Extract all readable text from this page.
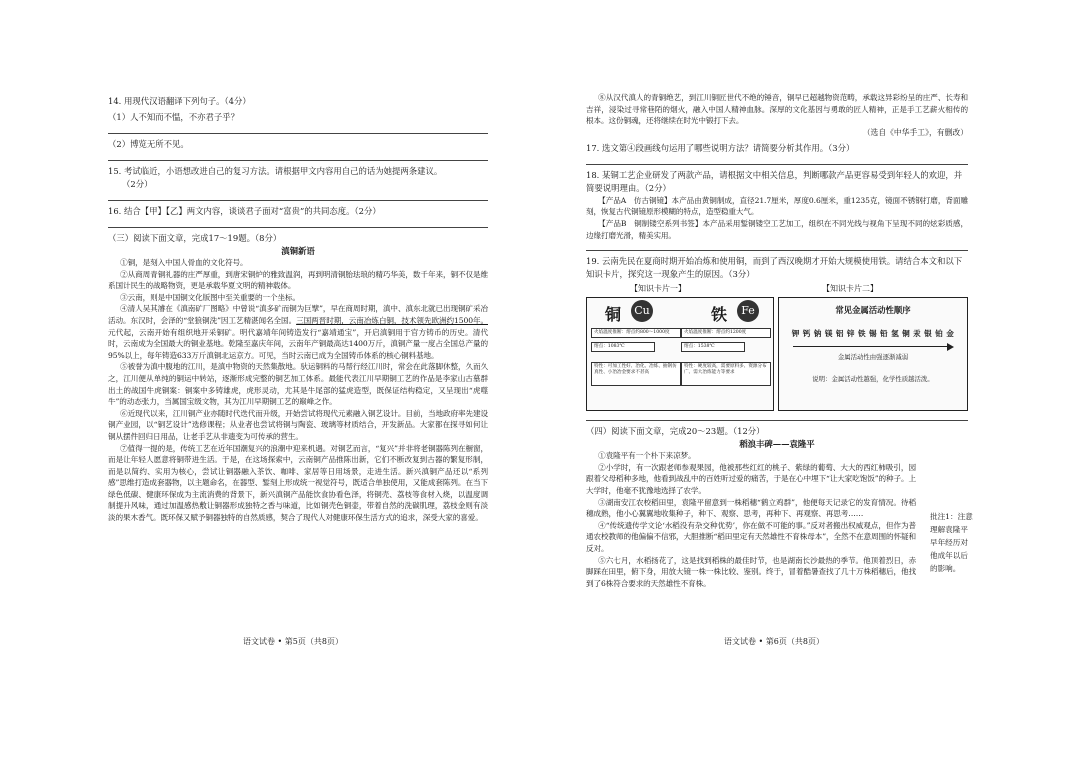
14. 用现代汉语翻译下列句子。（4分）
（1）人不知而不愠，不亦君子乎？
（2）博览无所不见。
15. 考试临近，小语想改进自己的复习方法。请根据甲文内容用自己的话为她提两条建议。
（2分）
16. 结合【甲】【乙】两文内容，谈谈君子面对“富贵”的共同态度。（2分）
（三）阅读下面文章，完成17～19题。（8分）
滇铜新语

①铜，是刻入中国人骨血的文化符号。

②从商周青铜礼器的庄严厚重，到唐宋铜炉的雅致温润，再到明清铜胎珐琅的精巧华美，数千年来，铜不仅是维系国计民生的战略物资，更是承载华夏文明的精神载体。

③云南，则是中国铜文化版图中至关重要的一个坐标。

④清人吴其濬在《滇南矿厂图略》中曾说“滇多矿而铜为巨擘”，早在商周时期，滇中、滇东北就已出现铜矿采冶活动。东汉时，会泽的“堂狼铜洗”因工艺精湛闻名全国。三国两晋时期，云南冶炼白铜，技术领先欧洲约1500年。元代起，云南开始有组织地开采铜矿。明代嘉靖年间铸造发行“嘉靖通宝”，开启滇铜用于官方铸币的历史。清代时，云南成为全国最大的铜业基地。乾隆至嘉庆年间，云南年产铜最高达1400万斤，滇铜产量一度占全国总产量的95%以上，每年铸造633万斤滇铜北运京方。可见，当时云南已成为全国铸币体系的核心铜料基地。

⑤被誉为滇中腹地的江川，是滇中物资的天然集散地。驮运铜料的马帮行经江川时，常会在此落脚休整，久而久之，江川便从单纯的铜运中转站，逐渐形成完整的铜艺加工体系。最能代表江川早期铜工艺的作品是李家山古墓群出土的战国牛虎铜案：铜案中多铸雄虎，虎形灵动，尤其是牛尾部的猛虎造型，既保证结构稳定，又呈现出“虎噬牛”的动态张力，当属国宝级文物，其为江川早期铜工艺的巅峰之作。

⑥近现代以来，江川铜产业亦随时代迭代而升级，开始尝试将现代元素融入铜艺设计。目前，当地政府率先建设铜产业园，以“铜艺设计”选修课程；从业者也尝试将铜与陶瓷、玻璃等材质结合，开发新品。大家都在探寻如何让铜从摆件回归日用品，让老手艺从非遗变为可传承的营生。

⑦值得一提的是，传统工艺在近年国潮复兴的浪潮中迎来机遇。对铜艺而言，“复兴”并非将老铜器陈列在橱窗，而是让年轻人愿意将铜带进生活。于是，在这场探索中，云南铜产品推陈出新，它们不断改复到古器的繁复形制，而是以简约、实用为核心，尝试让铜器融入茶饮、咖啡、家居等日用场景，走进生活。新兴滇铜产品还以“系列感”思维打造成套器物，以主题命名，在器型、錾刻上形成统一视觉符号，既适合单独使用，又能成套陈列。在当下绿色低碳、健康环保成为主流消费的背景下，新兴滇铜产品能饮食协看色泽，将铜壳、荔枝等食材入烧，以温度调制提升风味，通过加温感热敷让铜器形成独特之香与味道，比如铜壳色铜壶，带着自然的洗碳肌理，荔枝金则有淡淡的果木香气。既环保又赋予铜器独特的自然质感，契合了现代人对健康环保生活方式的追求，深受大家的喜爱。

语文试卷 • 第5页（共8页）

⑧从汉代滇人的青铜绝艺，到江川铜匠世代不绝的锤音，铜早已超越物资范畴，承载这异彩纷呈的庄严、长寿和吉祥，浸染过寻常巷陌的烟火，融入中国人精神血脉。深厚的文化基因与勇敢的匠人精神，正是手工艺薪火相传的根本。这份铜魂，还将继续在时光中锻打下去。

（选自《中华手工》，有删改）
17. 选文第④段画线句运用了哪些说明方法？请简要分析其作用。（3分）
18. 某铜工艺企业研发了两款产品，请根据文中相关信息，判断哪款产品更容易受到年轻人的欢迎，并简要说明理由。（2分）

【产品A　仿古铜镜】本产品由黄铜制成，直径21.7厘米，厚度0.6厘米，重1235克，镜面不锈钢打磨，背面雕刻，恢复古代铜镜原形模糊的特点，造型稳重大气。

【产品B　铜制镂空系列书签】本产品采用錾铜镂空工艺加工，组织在不同光线与视角下呈现不同的炫彩质感，边缘打磨光滑，精美实用。

19. 云南先民在夏商时期开始冶炼和使用铜，而到了西汉晚期才开始大规模使用铁。请结合本文和以下知识卡片，探究这一现象产生的原因。（3分）
【知识卡片一】	【知识卡片二】
铜 Cu	铁	Fe
火焰温度推断：熔点约800～1000度
熔点：1083℃
特性：可加工性好、冶化、冶炼、抽钢仿真性、小冶冶金要求不甚高
火焰温度推断：熔点约1200度
熔点：1538℃
特性：硬度较高，需要原料多、资源分布广、需大冶炼能力等要求
常见金属活动性顺序
钾 钙 钠 镁 铝 锌 铁 锡 铅 氢 铜 汞 银 铂 金
金属活动性由强逐渐减弱
说明：金属活动性越强，化学性质越活泼。
（四）阅读下面文章，完成20～23题。（12分）
稻浪丰碑——袁隆平

①袁隆平有一个朴下来凉梦。

②小学时，有一次跟老师参观果园，他被那些红红的桃子、紫绿的葡萄、大大的西红柿吸引，园跟着父母稻种多地，他看到战乱中的百姓听过爱的痛苦，于是在心中埋下“让大家吃饱饭”的种子。上大学时，他毫不犹豫地选择了农学。

③湖南安江农校稻田里，袁隆平留意到一株稻穗“鹤立鸡群”，他便每天记录它的发育情况。待稻穗成熟，他小心翼翼地收集种子，种下、观察、思考，再种下、再观察、再思考……

④“传统遗传学文论‘水稻没有杂交种优势’，你在做不可能的事。”反对者搬出权威观点，但作为普通农校教师的他偏偏不信邪，大胆推断“稻田里定有天然雄性不育株母本”，全然不在意周围的怀疑和反对。

⑤六七月，水稻扬花了，这是找到稻株的最佳时节，也是湖南长沙最热的季节。他顶着烈日，赤脚踩在田里，俯下身，用放大镜一株一株比较、鉴别。终于，冒着酷暑查找了几十万株稻穗后，他找到了6株符合要求的天然雄性不育株。

批注1：注意理解袁隆平早年经历对他成年以后的影响。
语文试卷 • 第6页（共8页）
